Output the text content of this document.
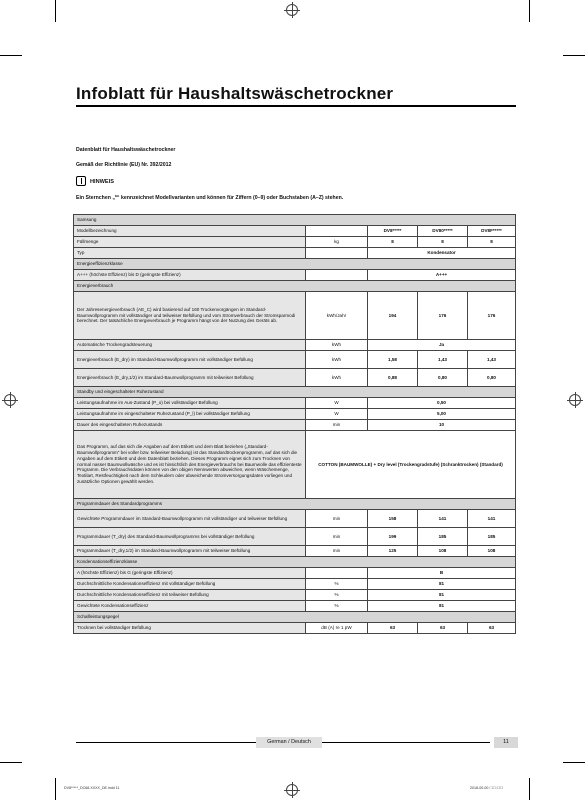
Infoblatt für Haushaltswäschetrockner
Datenblatt für Haushaltswäschetrockner
Gemäß der Richtlinie (EU) Nr. 392/2012
HINWEIS
Ein Sternchen „*“ kennzeichnet Modellvarianten und können für Ziffern (0–9) oder Buchstaben (A–Z) stehen.
Samsung				
Modellbezeichnung		DV8*****	DV80*****	DV8F*****
Füllmenge	kg	8	8	8
Typ		Kondensator		
Energieeffizienzklasse				
A+++ (höchste Effizienz) bis D (geringste Effizienz)		A+++		
Energieverbrauch				
Der Jahresenergieverbrauch (AE_C) wird basierend auf 160 Trockenvorgängen im Standard-Baumwollprogramm mit vollständiger und teilweiser Befüllung und vom Stromverbrauch der Stromsparmodi berechnet. Der tatsächliche Energieverbrauch je Programm hängt von der Nutzung des Geräts ab.	kWh/Jahr	194	176	176
Automatische Trockengradsteuerung	kWh	Ja		
Energieverbrauch (E_dry) im Standard-Baumwollprogramm mit vollständiger Befüllung	kWh	1,58	1,43	1,43
Energieverbrauch (E_dry,1/2) im Standard-Baumwollprogramm mit teilweiser Befüllung	kWh	0,88	0,80	0,80
Standby und eingeschalteter Ruhezustand				
Leistungsaufnahme im Aus-Zustand (P_o) bei vollständiger Befüllung	W	0,50		
Leistungsaufnahme im eingeschalteter Ruhezustand (P_l) bei vollständiger Befüllung	W	5,00		
Dauer des eingeschalteten Ruhezustands	min	10		
Das Programm, auf das sich die Angaben auf dem Etikett und dem Blatt beziehen („Standard-Baumwollprogramm“ bei voller bzw. teilweiser Beladung) ist das Standardtrockenprogramm, auf das sich die Angaben auf dem Etikett und dem Datenblatt beziehen. Dieses Programm eignet sich zum Trocknen von normal nasser Baumwollwäsche und es ist hinsichtlich des Energieverbrauchs bei Baumwolle das effizienteste Programm. Die Verbrauchsdaten können von den obigen Nennwerten abweichen, wenn Wäschemenge, Textilart, Restfeuchtigkeit nach dem Schleudern oder abweichende Stromversorgungsdaten vorliegen und zusätzliche Optionen gewählt werden.	COTTON (BAUMWOLLE) + Dry level (Trockengradstufe) (Schranktrocken) (Standard)			
Programmdauer des Standardprogramms				
Gewichtete Programmdauer im Standard-Baumwollprogramm mit vollständiger und teilweiser Befüllung	min	158	141	141
Programmdauer (T_dry) des Standard-Baumwollprogramms bei vollständiger Befüllung	min	199	185	185
Programmdauer (T_dry,1/2) im Standard-Baumwollprogramm mit teilweiser Befüllung	min	125	108	108
Kondensationseffizienzklasse				
A (höchste Effizienz) bis G (geringste Effizienz)		B		
Durchschnittliche Kondensationseffizienz mit vollständiger Befüllung	%	81		
Durchschnittliche Kondensationseffizienz mit teilweiser Befüllung	%	81		
Gewichtete Kondensationseffizienz	%	81		
Schallleistungspegel				
Trocknen bei vollständiger Befüllung	dB (A) re 1 pW	63	63	63
German / Deutsch	11
DV8*****_DC68-XXXX_DE.indd 11	2018-00-00 ☐☐:☐☐
